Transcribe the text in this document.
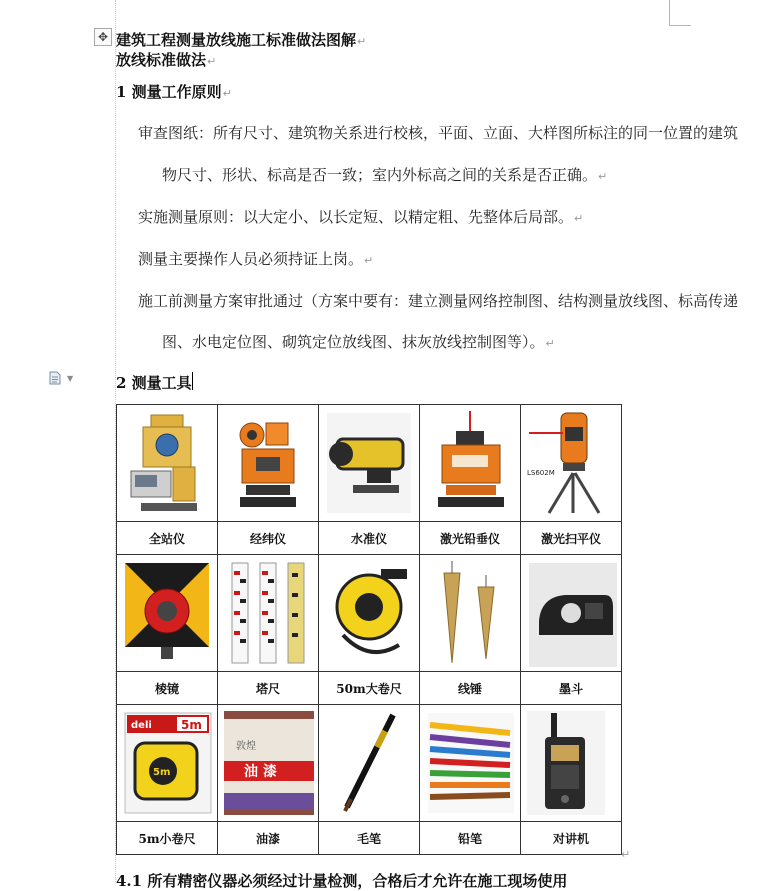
✥ 建筑工程测量放线施工标准做法图解↵
放线标准做法↵
1 测量工作原则↵
审查图纸：所有尺寸、建筑物关系进行校核，平面、立面、大样图所标注的同一位置的建筑
物尺寸、形状、标高是否一致；室内外标高之间的关系是否正确。↵
实施测量原则：以大定小、以长定短、以精定粗、先整体后局部。↵
测量主要操作人员必须持证上岗。↵
施工前测量方案审批通过（方案中要有：建立测量网络控制图、结构测量放线图、标高传递
图、水电定位图、砌筑定位放线图、抹灰放线控制图等）。↵
▼	2 测量工具

LS602M

全站仪	经纬仪	水准仪	激光铅垂仪	激光扫平仪

棱镜	塔尺	50m大卷尺	线锤	墨斗

deli 5m
5m	油 漆
敦煌

5m小卷尺	油漆	毛笔	铅笔	对讲机
↵
4.1 所有精密仪器必须经过计量检测，合格后才允许在施工现场使用
